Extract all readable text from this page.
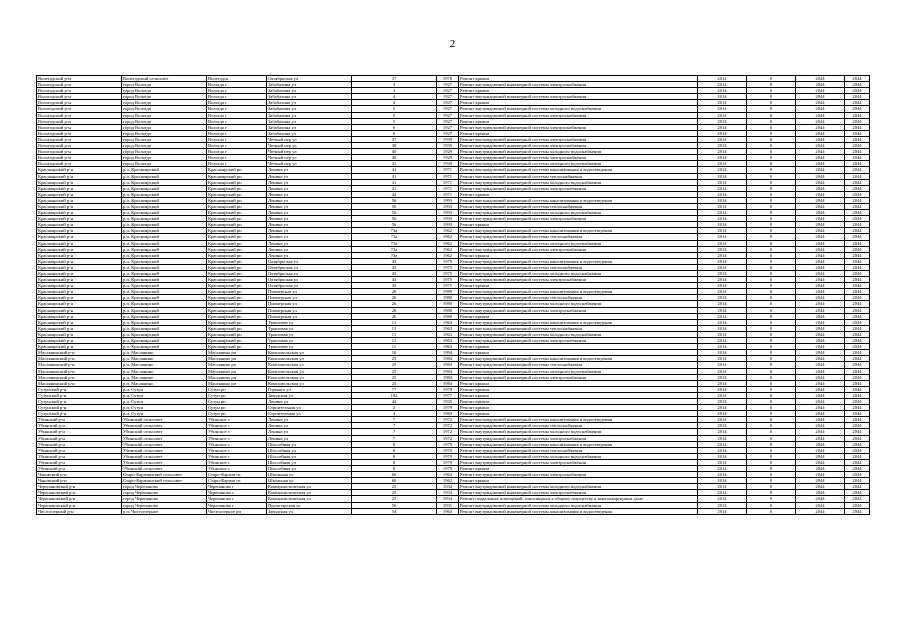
2
Вилегодский р-н	Вилегодский сельсовет	Вилегодск	Октябрьская ул	37	1978	Ремонт крыши	2014	0	2044	2044
Вологодский р-н	город Вологда	Вологда г	Забабахина ул	3	1927	Ремонт внутридомовой инженерной системы электроснабжения	2014	0	2044	2044
Вологодский р-н	город Вологда	Вологда г	Забабахина ул	3	1927	Ремонт крыши	2014	0	2044	2044
Вологодский р-н	город Вологда	Вологда г	Забабахина ул	4	1927	Ремонт внутридомовой инженерной системы электроснабжения	2014	0	2044	2044
Вологодский р-н	город Вологда	Вологда г	Забабахина ул	4	1927	Ремонт крыши	2014	0	2044	2044
Вологодский р-н	город Вологда	Вологда г	Забабахина ул	5	1927	Ремонт внутридомовой инженерной системы холодного водоснабжения	2014	0	2044	2044
Вологодский р-н	город Вологда	Вологда г	Забабахина ул	5	1927	Ремонт внутридомовой инженерной системы электроснабжения	2014	0	2044	2044
Вологодский р-н	город Вологда	Вологда г	Забабахина ул	5	1927	Ремонт крыши	2014	0	2044	2044
Вологодский р-н	город Вологда	Вологда г	Забабахина ул	6	1927	Ремонт внутридомовой инженерной системы электроснабжения	2014	0	2044	2044
Вологодский р-н	город Вологда	Вологда г	Забабахина ул	6	1927	Ремонт крыши	2014	0	2044	2044
Вологодский р-н	город Вологда	Вологда г	Четный пер ул	37	1939	Ремонт внутридомовой инженерной системы электроснабжения	2014	0	2044	2044
Вологодский р-н	город Вологда	Вологда г	Четный пер ул	38	1939	Ремонт внутридомовой инженерной системы электроснабжения	2014	0	2044	2044
Вологодский р-н	город Вологда	Вологда г	Четный пер ул	40	1929	Ремонт внутридомовой инженерной системы холодного водоснабжения	2014	0	2044	2044
Вологодский р-н	город Вологда	Вологда г	Четный пер ул	40	1929	Ремонт внутридомовой инженерной системы электроснабжения	2014	0	2044	2044
Вологодский р-н	город Вологда	Вологда г	Четный пер ул	41	1930	Ремонт внутридомовой инженерной системы холодного водоснабжения	2014	0	2044	2044
Красноярский р-н	р.п. Красноярский	Красноярский рп	Ленина ул	41	1971	Ремонт внутридомовой инженерной системы канализования и водоотведения	2014	0	2044	2044
Красноярский р-н	р.п. Красноярский	Красноярский рп	Ленина ул	41	1971	Ремонт внутридомовой инженерной системы теплоснабжения	2014	0	2044	2044
Красноярский р-н	р.п. Красноярский	Красноярский рп	Ленина ул	41	1971	Ремонт внутридомовой инженерной системы холодного водоснабжения	2014	0	2044	2044
Красноярский р-н	р.п. Красноярский	Красноярский рп	Ленина ул	41	1971	Ремонт внутридомовой инженерной системы электроснабжения	2014	0	2044	2044
Красноярский р-н	р.п. Красноярский	Красноярский рп	Ленина ул	44	1971	Ремонт крыши	2014	0	2044	2044
Красноярский р-н	р.п. Красноярский	Красноярский рп	Ленина ул	56	1993	Ремонт внутридомовой инженерной системы канализования и водоотведения	2014	0	2044	2044
Красноярский р-н	р.п. Красноярский	Красноярский рп	Ленина ул	56	1993	Ремонт внутридомовой инженерной системы теплоснабжения	2014	0	2044	2044
Красноярский р-н	р.п. Красноярский	Красноярский рп	Ленина ул	56	1993	Ремонт внутридомовой инженерной системы холодного водоснабжения	2014	0	2044	2044
Красноярский р-н	р.п. Красноярский	Красноярский рп	Ленина ул	56	1993	Ремонт внутридомовой инженерной системы электроснабжения	2014	0	2044	2044
Красноярский р-н	р.п. Красноярский	Красноярский рп	Ленина ул	56	1993	Ремонт крыши	2014	0	2044	2044
Красноярский р-н	р.п. Красноярский	Красноярский рп	Ленина ул	73а	1962	Ремонт внутридомовой инженерной системы канализования и водоотведения	2014	0	2044	2044
Красноярский р-н	р.п. Красноярский	Красноярский рп	Ленина ул	73а	1962	Ремонт внутридомовой инженерной системы теплоснабжения	2014	0	2044	2044
Красноярский р-н	р.п. Красноярский	Красноярский рп	Ленина ул	73а	1962	Ремонт внутридомовой инженерной системы холодного водоснабжения	2014	0	2044	2044
Красноярский р-н	р.п. Красноярский	Красноярский рп	Ленина ул	73а	1962	Ремонт внутридомовой инженерной системы электроснабжения	2014	0	2044	2044
Красноярский р-н	р.п. Красноярский	Красноярский рп	Ленина ул	73а	1962	Ремонт крыши	2014	0	2044	2044
Красноярский р-н	р.п. Красноярский	Красноярский рп	Октябрьская ул	43	1975	Ремонт внутридомовой инженерной системы канализования и водоотведения	2014	0	2044	2044
Красноярский р-н	р.п. Красноярский	Красноярский рп	Октябрьская ул	43	1975	Ремонт внутридомовой инженерной системы теплоснабжения	2014	0	2044	2044
Красноярский р-н	р.п. Красноярский	Красноярский рп	Октябрьская ул	43	1975	Ремонт внутридомовой инженерной системы холодного водоснабжения	2014	0	2044	2044
Красноярский р-н	р.п. Красноярский	Красноярский рп	Октябрьская ул	43	1975	Ремонт внутридомовой инженерной системы электроснабжения	2014	0	2044	2044
Красноярский р-н	р.п. Красноярский	Красноярский рп	Октябрьская ул	43	1975	Ремонт крыши	2014	0	2044	2044
Красноярский р-н	р.п. Красноярский	Красноярский рп	Пионерская ул	26	1980	Ремонт внутридомовой инженерной системы канализования и водоотведения	2014	0	2044	2044
Красноярский р-н	р.п. Красноярский	Красноярский рп	Пионерская ул	26	1980	Ремонт внутридомовой инженерной системы теплоснабжения	2014	0	2044	2044
Красноярский р-н	р.п. Красноярский	Красноярский рп	Пионерская ул	26	1980	Ремонт внутридомовой инженерной системы холодного водоснабжения	2014	0	2044	2044
Красноярский р-н	р.п. Красноярский	Красноярский рп	Пионерская ул	26	1980	Ремонт внутридомовой инженерной системы электроснабжения	2014	0	2044	2044
Красноярский р-н	р.п. Красноярский	Красноярский рп	Пионерская ул	26	1980	Ремонт крыши	2014	0	2044	2044
Красноярский р-н	р.п. Красноярский	Красноярский рп	Трактовая ул	11	1963	Ремонт внутридомовой инженерной системы канализования и водоотведения	2014	0	2044	2044
Красноярский р-н	р.п. Красноярский	Красноярский рп	Трактовая ул	11	1963	Ремонт внутридомовой инженерной системы теплоснабжения	2014	0	2044	2044
Красноярский р-н	р.п. Красноярский	Красноярский рп	Трактовая ул	11	1963	Ремонт внутридомовой инженерной системы холодного водоснабжения	2014	0	2044	2044
Красноярский р-н	р.п. Красноярский	Красноярский рп	Трактовая ул	11	1963	Ремонт внутридомовой инженерной системы электроснабжения	2014	0	2044	2044
Красноярский р-н	р.п. Красноярский	Красноярский рп	Трактовая ул	11	1963	Ремонт крыши	2014	0	2044	2044
Маслянинский р-н	р.п. Маслянино	Маслянино рп	Комсомольская ул	16	1994	Ремонт крыши	2014	0	2044	2044
Маслянинский р-н	р.п. Маслянино	Маслянино рп	Комсомольская ул	25	1984	Ремонт внутридомовой инженерной системы канализования и водоотведения	2014	0	2044	2044
Маслянинский р-н	р.п. Маслянино	Маслянино рп	Комсомольская ул	25	1984	Ремонт внутридомовой инженерной системы теплоснабжения	2014	0	2044	2044
Маслянинский р-н	р.п. Маслянино	Маслянино рп	Комсомольская ул	25	1984	Ремонт внутридомовой инженерной системы холодного водоснабжения	2014	0	2044	2044
Маслянинский р-н	р.п. Маслянино	Маслянино рп	Комсомольская ул	25	1984	Ремонт внутридомовой инженерной системы электроснабжения	2014	0	2044	2044
Маслянинский р-н	р.п. Маслянино	Маслянино рп	Комсомольская ул	25	1984	Ремонт крыши	2014	0	2044	2044
Сузунский р-н	р.п. Сузун	Сузун рп	Горького ул	77	1978	Ремонт крыши	2014	0	2044	2044
Сузунский р-н	р.п. Сузун	Сузун рп	Заводская ул	102	1977	Ремонт крыши	2014	0	2044	2044
Сузунский р-н	р.п. Сузун	Сузун рп	Ленина ул	44	1935	Ремонт крыши	2014	0	2044	2044
Сузунский р-н	р.п. Сузун	Сузун рп	Строительная ул	2	1979	Ремонт крыши	2014	0	2044	2044
Сузунский р-н	р.п. Сузун	Сузун рп	Строительная ул	4	1983	Ремонт крыши	2014	0	2044	2044
Убинский р-н	Убинский сельсовет	Убинское с	Ленина ул	7	1972	Ремонт внутридомовой инженерной системы канализования и водоотведения	2014	0	2044	2044
Убинский р-н	Убинский сельсовет	Убинское с	Ленина ул	7	1972	Ремонт внутридомовой инженерной системы теплоснабжения	2014	0	2044	2044
Убинский р-н	Убинский сельсовет	Убинское с	Ленина ул	7	1972	Ремонт внутридомовой инженерной системы холодного водоснабжения	2014	0	2044	2044
Убинский р-н	Убинский сельсовет	Убинское с	Ленина ул	7	1972	Ремонт внутридомовой инженерной системы электроснабжения	2014	0	2044	2044
Убинский р-н	Убинский сельсовет	Убинское с	Шоссейная ул	8	1979	Ремонт внутридомовой инженерной системы канализования и водоотведения	2014	0	2044	2044
Убинский р-н	Убинский сельсовет	Убинское с	Шоссейная ул	8	1979	Ремонт внутридомовой инженерной системы теплоснабжения	2014	0	2044	2044
Убинский р-н	Убинский сельсовет	Убинское с	Шоссейная ул	8	1979	Ремонт внутридомовой инженерной системы холодного водоснабжения	2014	0	2044	2044
Убинский р-н	Убинский сельсовет	Убинское с	Шоссейная ул	8	1979	Ремонт внутридомовой инженерной системы электроснабжения	2014	0	2044	2044
Убинский р-н	Убинский сельсовет	Убинское с	Шоссейная ул	8	1979	Ремонт крыши	2014	0	2044	2044
Чановский р-н	Старо-Карачинский сельсовет	Старо-Карачи пс	Школьная ул	60	1962	Ремонт внутридомовой инженерной системы электроснабжения	2014	0	2044	2044
Чановский р-н	Старо-Карачинский сельсовет	Старо-Карачи пс	Школьная ул	60	1962	Ремонт крыши	2014	0	2044	2044
Черепановский р-н	город Черепаново	Черепаново г	Коммунистическая ул	25	1934	Ремонт внутридомовой инженерной системы холодного водоснабжения	2014	0	2044	2044
Черепановский р-н	город Черепаново	Черепаново г	Коммунистическая ул	25	1934	Ремонт внутридомовой инженерной системы электроснабжения	2014	0	2044	2044
Черепановский р-н	город Черепаново	Черепаново г	Коммунистическая ул	25	1934	Ремонт подвальных помещений, относящихся к общему имуществу в многоквартирном доме	2014	0	2044	2044
Черепановский р-н	город Черепаново	Черепаново г	Пролетарская ул	56	1931	Ремонт внутридомовой инженерной системы холодного водоснабжения	2014	0	2044	2044
Чистоозерный р-н	р.п. Чистоозерное	Чистоозерное рп	Заводская ул	54	1963	Ремонт внутридомовой инженерной системы канализования и водоотведения	2014	0	2044	2044
